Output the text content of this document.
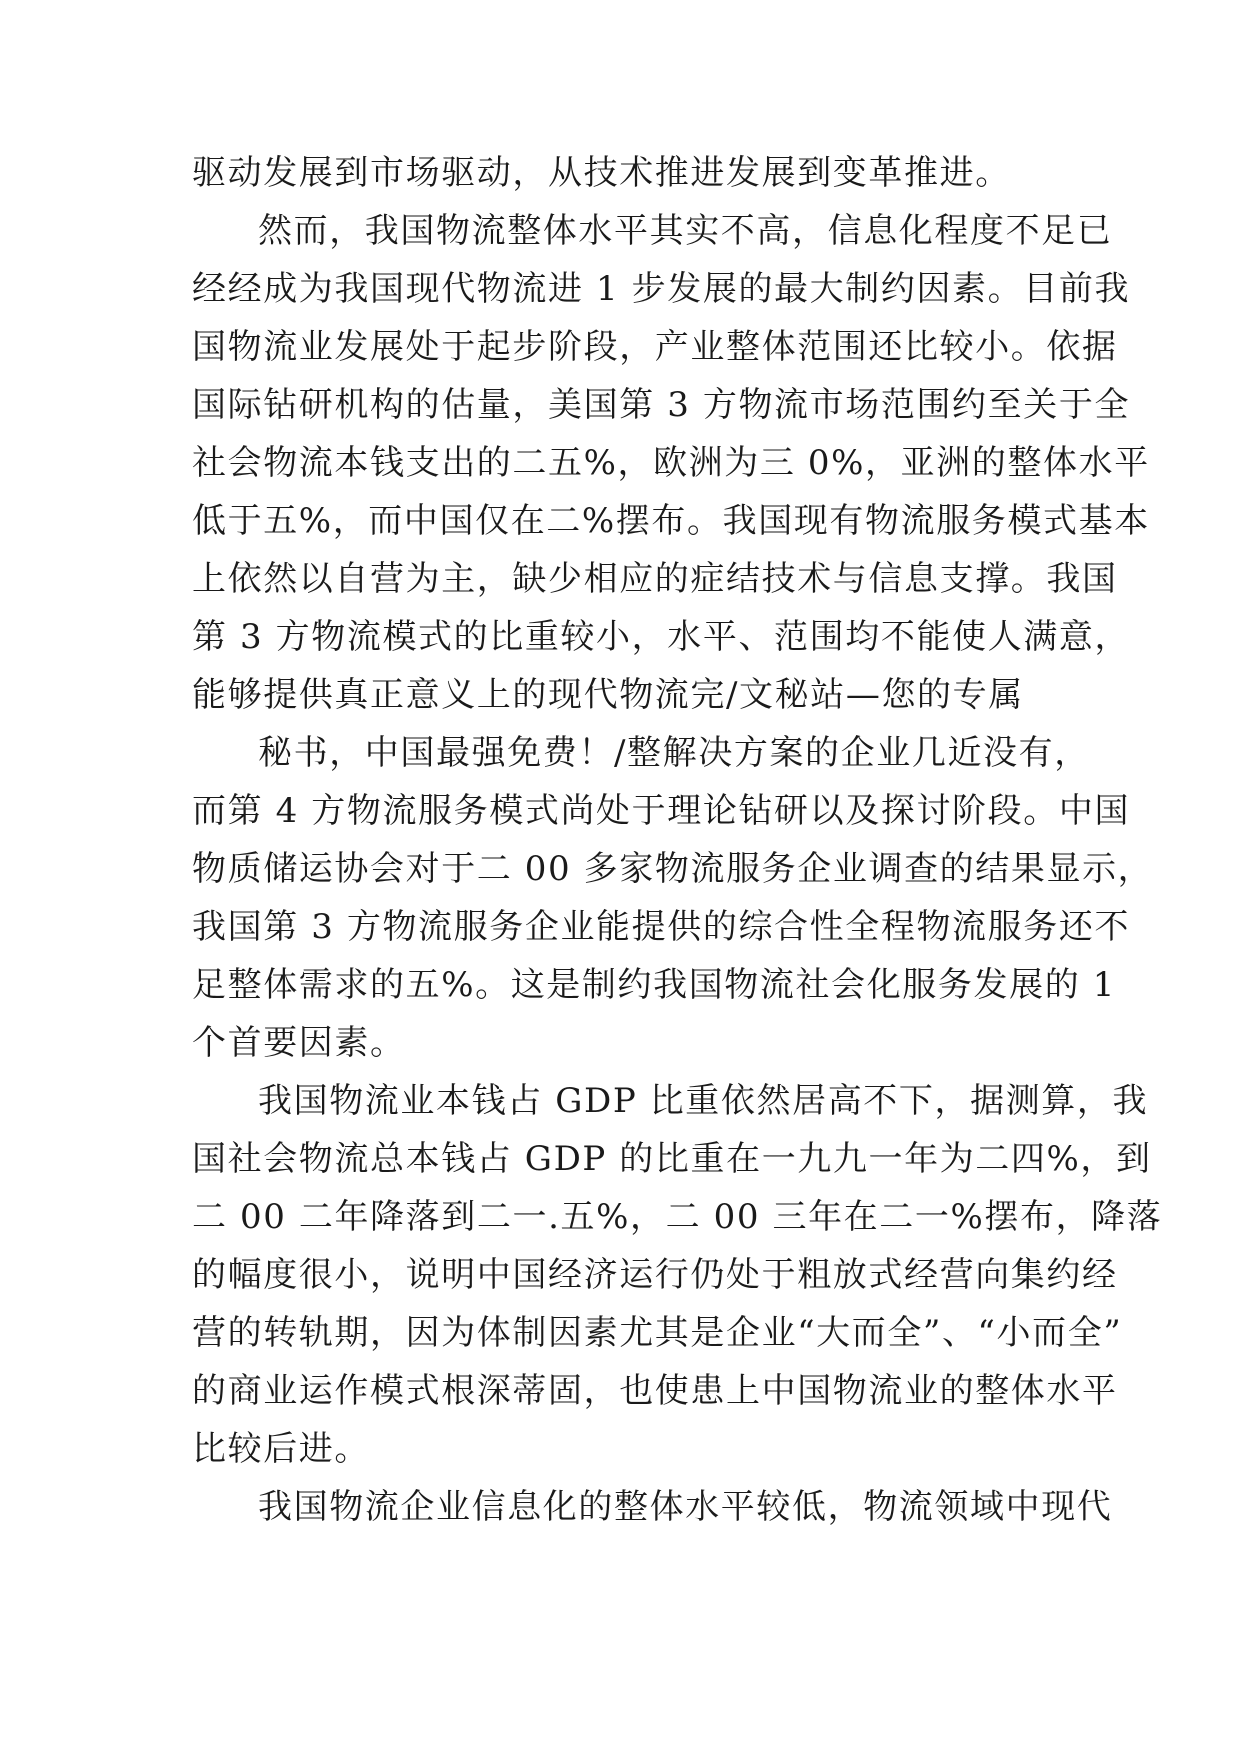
驱动发展到市场驱动，从技术推进发展到变革推进。
然而，我国物流整体水平其实不高，信息化程度不足已
经经成为我国现代物流进 1 步发展的最大制约因素。目前我
国物流业发展处于起步阶段，产业整体范围还比较小。依据
国际钻研机构的估量，美国第 3 方物流市场范围约至关于全
社会物流本钱支出的二五%，欧洲为三 0%，亚洲的整体水平
低于五%，而中国仅在二%摆布。我国现有物流服务模式基本
上依然以自营为主，缺少相应的症结技术与信息支撑。我国
第 3 方物流模式的比重较小，水平、范围均不能使人满意，
能够提供真正意义上的现代物流完/文秘站—您的专属
秘书，中国最强免费！/整解决方案的企业几近没有，
而第 4 方物流服务模式尚处于理论钻研以及探讨阶段。中国
物质储运协会对于二 00 多家物流服务企业调查的结果显示，
我国第 3 方物流服务企业能提供的综合性全程物流服务还不
足整体需求的五%。这是制约我国物流社会化服务发展的 1
个首要因素。
我国物流业本钱占 GDP 比重依然居高不下，据测算，我
国社会物流总本钱占 GDP 的比重在一九九一年为二四%，到
二 00 二年降落到二一.五%，二 00 三年在二一%摆布，降落
的幅度很小，说明中国经济运行仍处于粗放式经营向集约经
营的转轨期，因为体制因素尤其是企业“大而全”、“小而全”
的商业运作模式根深蒂固，也使患上中国物流业的整体水平
比较后进。
我国物流企业信息化的整体水平较低，物流领域中现代
